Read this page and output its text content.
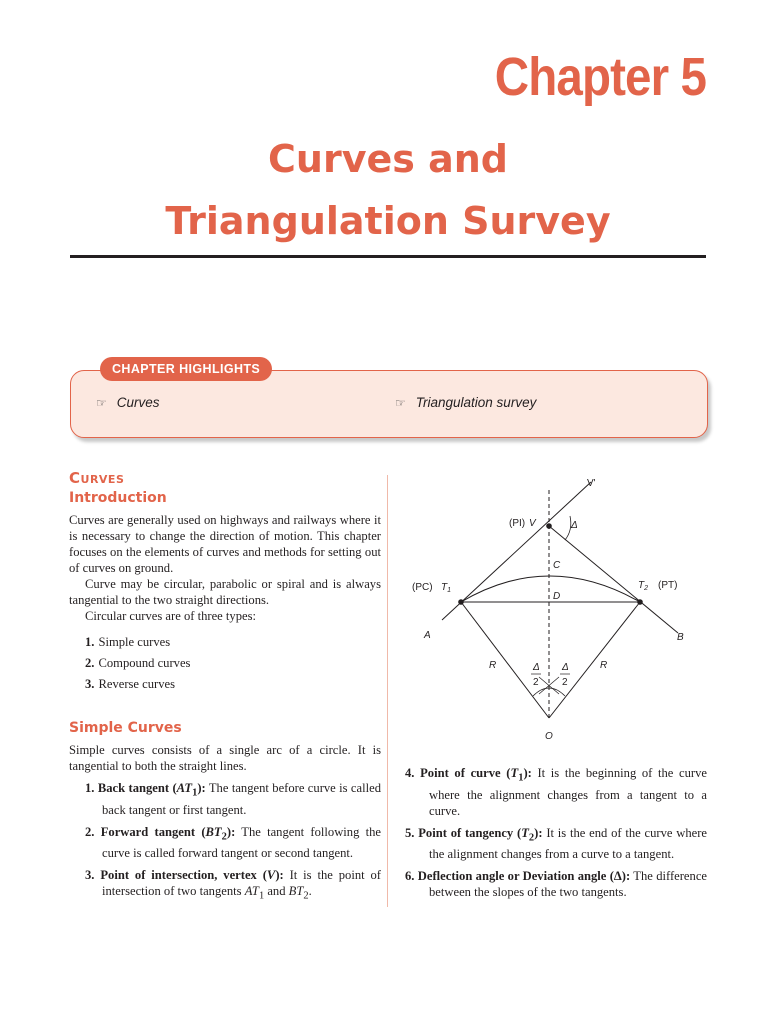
Chapter 5
Curves and
Triangulation Survey
CHAPTER HIGHLIGHTS
☞ Curves	☞ Triangulation survey
Curves
Introduction

Curves are generally used on highways and railways where it is necessary to change the direction of motion. This chapter focuses on the elements of curves and methods for setting out of curves on ground.

Curve may be circular, parabolic or spiral and is always tangential to the two straight directions.

Circular curves are of three types:

1. Simple curves
2. Compound curves
3. Reverse curves
Simple Curves

Simple curves consists of a single arc of a circle. It is tangential to both the straight lines.

1. Back tangent $(AT_1)$: The tangent before curve is called back tangent or first tangent.
2. Forward tangent $(BT_2)$: The tangent following the curve is called forward tangent or second tangent.
3. Point of intersection, vertex (V): It is the point of intersection of two tangents $AT_1$ and $BT_2$.
V'
(PI) V	Δ
C
(PC) $T_1$	$T_2$ (PT)
D
A	B
R	R
Δ
2
Δ
2
O
4. Point of curve $(T_1)$: It is the beginning of the curve where the alignment changes from a tangent to a curve.
5. Point of tangency $(T_2)$: It is the end of the curve where the alignment changes from a curve to a tangent.
6. Deflection angle or Deviation angle (Δ): The difference between the slopes of the two tangents.
